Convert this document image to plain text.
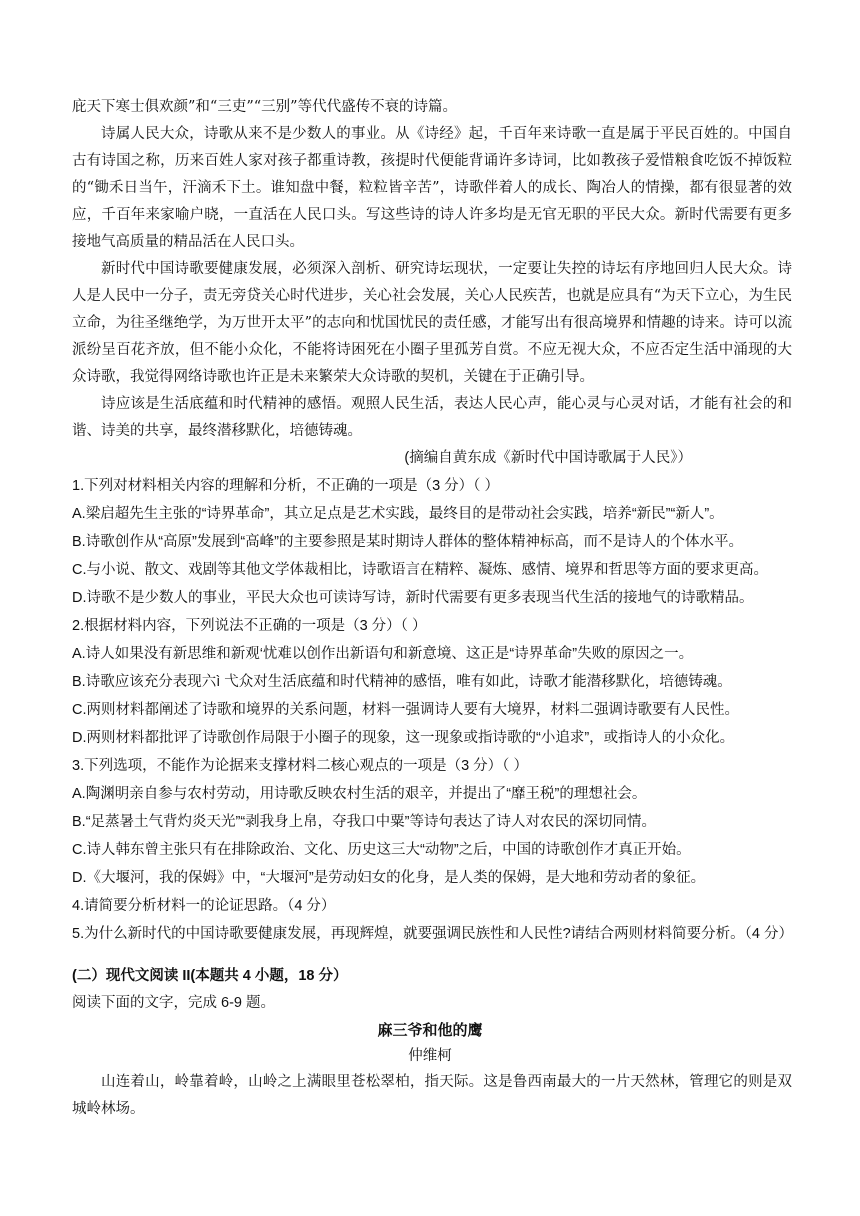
庇天下寒士俱欢颜”和“三吏”“三别”等代代盛传不衰的诗篇。

诗属人民大众，诗歌从来不是少数人的事业。从《诗经》起，千百年来诗歌一直是属于平民百姓的。中国自古有诗国之称，历来百姓人家对孩子都重诗教，孩提时代便能背诵许多诗词，比如教孩子爱惜粮食吃饭不掉饭粒的“锄禾日当午，汗滴禾下土。谁知盘中餐，粒粒皆辛苦”，诗歌伴着人的成长、陶冶人的情操，都有很显著的效应，千百年来家喻户晓，一直活在人民口头。写这些诗的诗人许多均是无官无职的平民大众。新时代需要有更多接地气高质量的精品活在人民口头。

新时代中国诗歌要健康发展，必须深入剖析、研究诗坛现状，一定要让失控的诗坛有序地回归人民大众。诗人是人民中一分子，责无旁贷关心时代进步，关心社会发展，关心人民疾苦，也就是应具有“为天下立心，为生民立命，为往圣继绝学，为万世开太平”的志向和忧国忧民的责任感，才能写出有很高境界和情趣的诗来。诗可以流派纷呈百花齐放，但不能小众化，不能将诗困死在小圈子里孤芳自赏。不应无视大众，不应否定生活中涌现的大众诗歌，我觉得网络诗歌也许正是未来繁荣大众诗歌的契机，关键在于正确引导。

诗应该是生活底蕴和时代精神的感悟。观照人民生活，表达人民心声，能心灵与心灵对话，才能有社会的和谐、诗美的共享，最终潜移默化，培德铸魂。

(摘编自黄东成《新时代中国诗歌属于人民》）
1.下列对材料相关内容的理解和分析，不正确的一项是（3 分）（ ）
A.梁启超先生主张的“诗界革命”，其立足点是艺术实践，最终目的是带动社会实践，培养“新民”“新人”。
B.诗歌创作从“高原”发展到“高峰”的主要参照是某时期诗人群体的整体精神标高，而不是诗人的个体水平。
C.与小说、散文、戏剧等其他文学体裁相比，诗歌语言在精粹、凝炼、感情、境界和哲思等方面的要求更高。
D.诗歌不是少数人的事业，平民大众也可读诗写诗，新时代需要有更多表现当代生活的接地气的诗歌精品。
2.根据材料内容，下列说法不正确的一项是（3 分）（ ）
A.诗人如果没有新思维和新观‘忧难以创作出新语句和新意境、这正是“诗界革命”失败的原因之一。
B.诗歌应该充分表现六ì 弋众对生活底蕴和时代精神的感悟，唯有如此，诗歌才能潜移默化，培德铸魂。
C.两则材料都阐述了诗歌和境界的关系问题，材料一强调诗人要有大境界，材料二强调诗歌要有人民性。
D.两则材料都批评了诗歌创作局限于小圈子的现象，这一现象或指诗歌的“小追求”，或指诗人的小众化。
3.下列选项，不能作为论据来支撑材料二核心观点的一项是（3 分）（ ）
A.陶渊明亲自参与农村劳动，用诗歌反映农村生活的艰辛，并提出了“靡王税”的理想社会。
B.“足蒸暑土气背灼炎天光”“剥我身上帛，夺我口中粟”等诗句表达了诗人对农民的深切同情。
C.诗人韩东曾主张只有在排除政治、文化、历史这三大“动物”之后，中国的诗歌创作才真正开始。
D.《大堰河，我的保姆》中，“大堰河”是劳动妇女的化身，是人类的保姆，是大地和劳动者的象征。
4.请简要分析材料一的论证思路。（4 分）
5.为什么新时代的中国诗歌要健康发展，再现辉煌，就要强调民族性和人民性?请结合两则材料简要分析。（4 分）
(二）现代文阅读 II(本题共 4 小题，18 分）
阅读下面的文字，完成 6-9 题。
麻三爷和他的鹰
仲维柯

山连着山，岭靠着岭，山岭之上满眼里苍松翠柏，指天际。这是鲁西南最大的一片天然林，管理它的则是双城岭林场。
